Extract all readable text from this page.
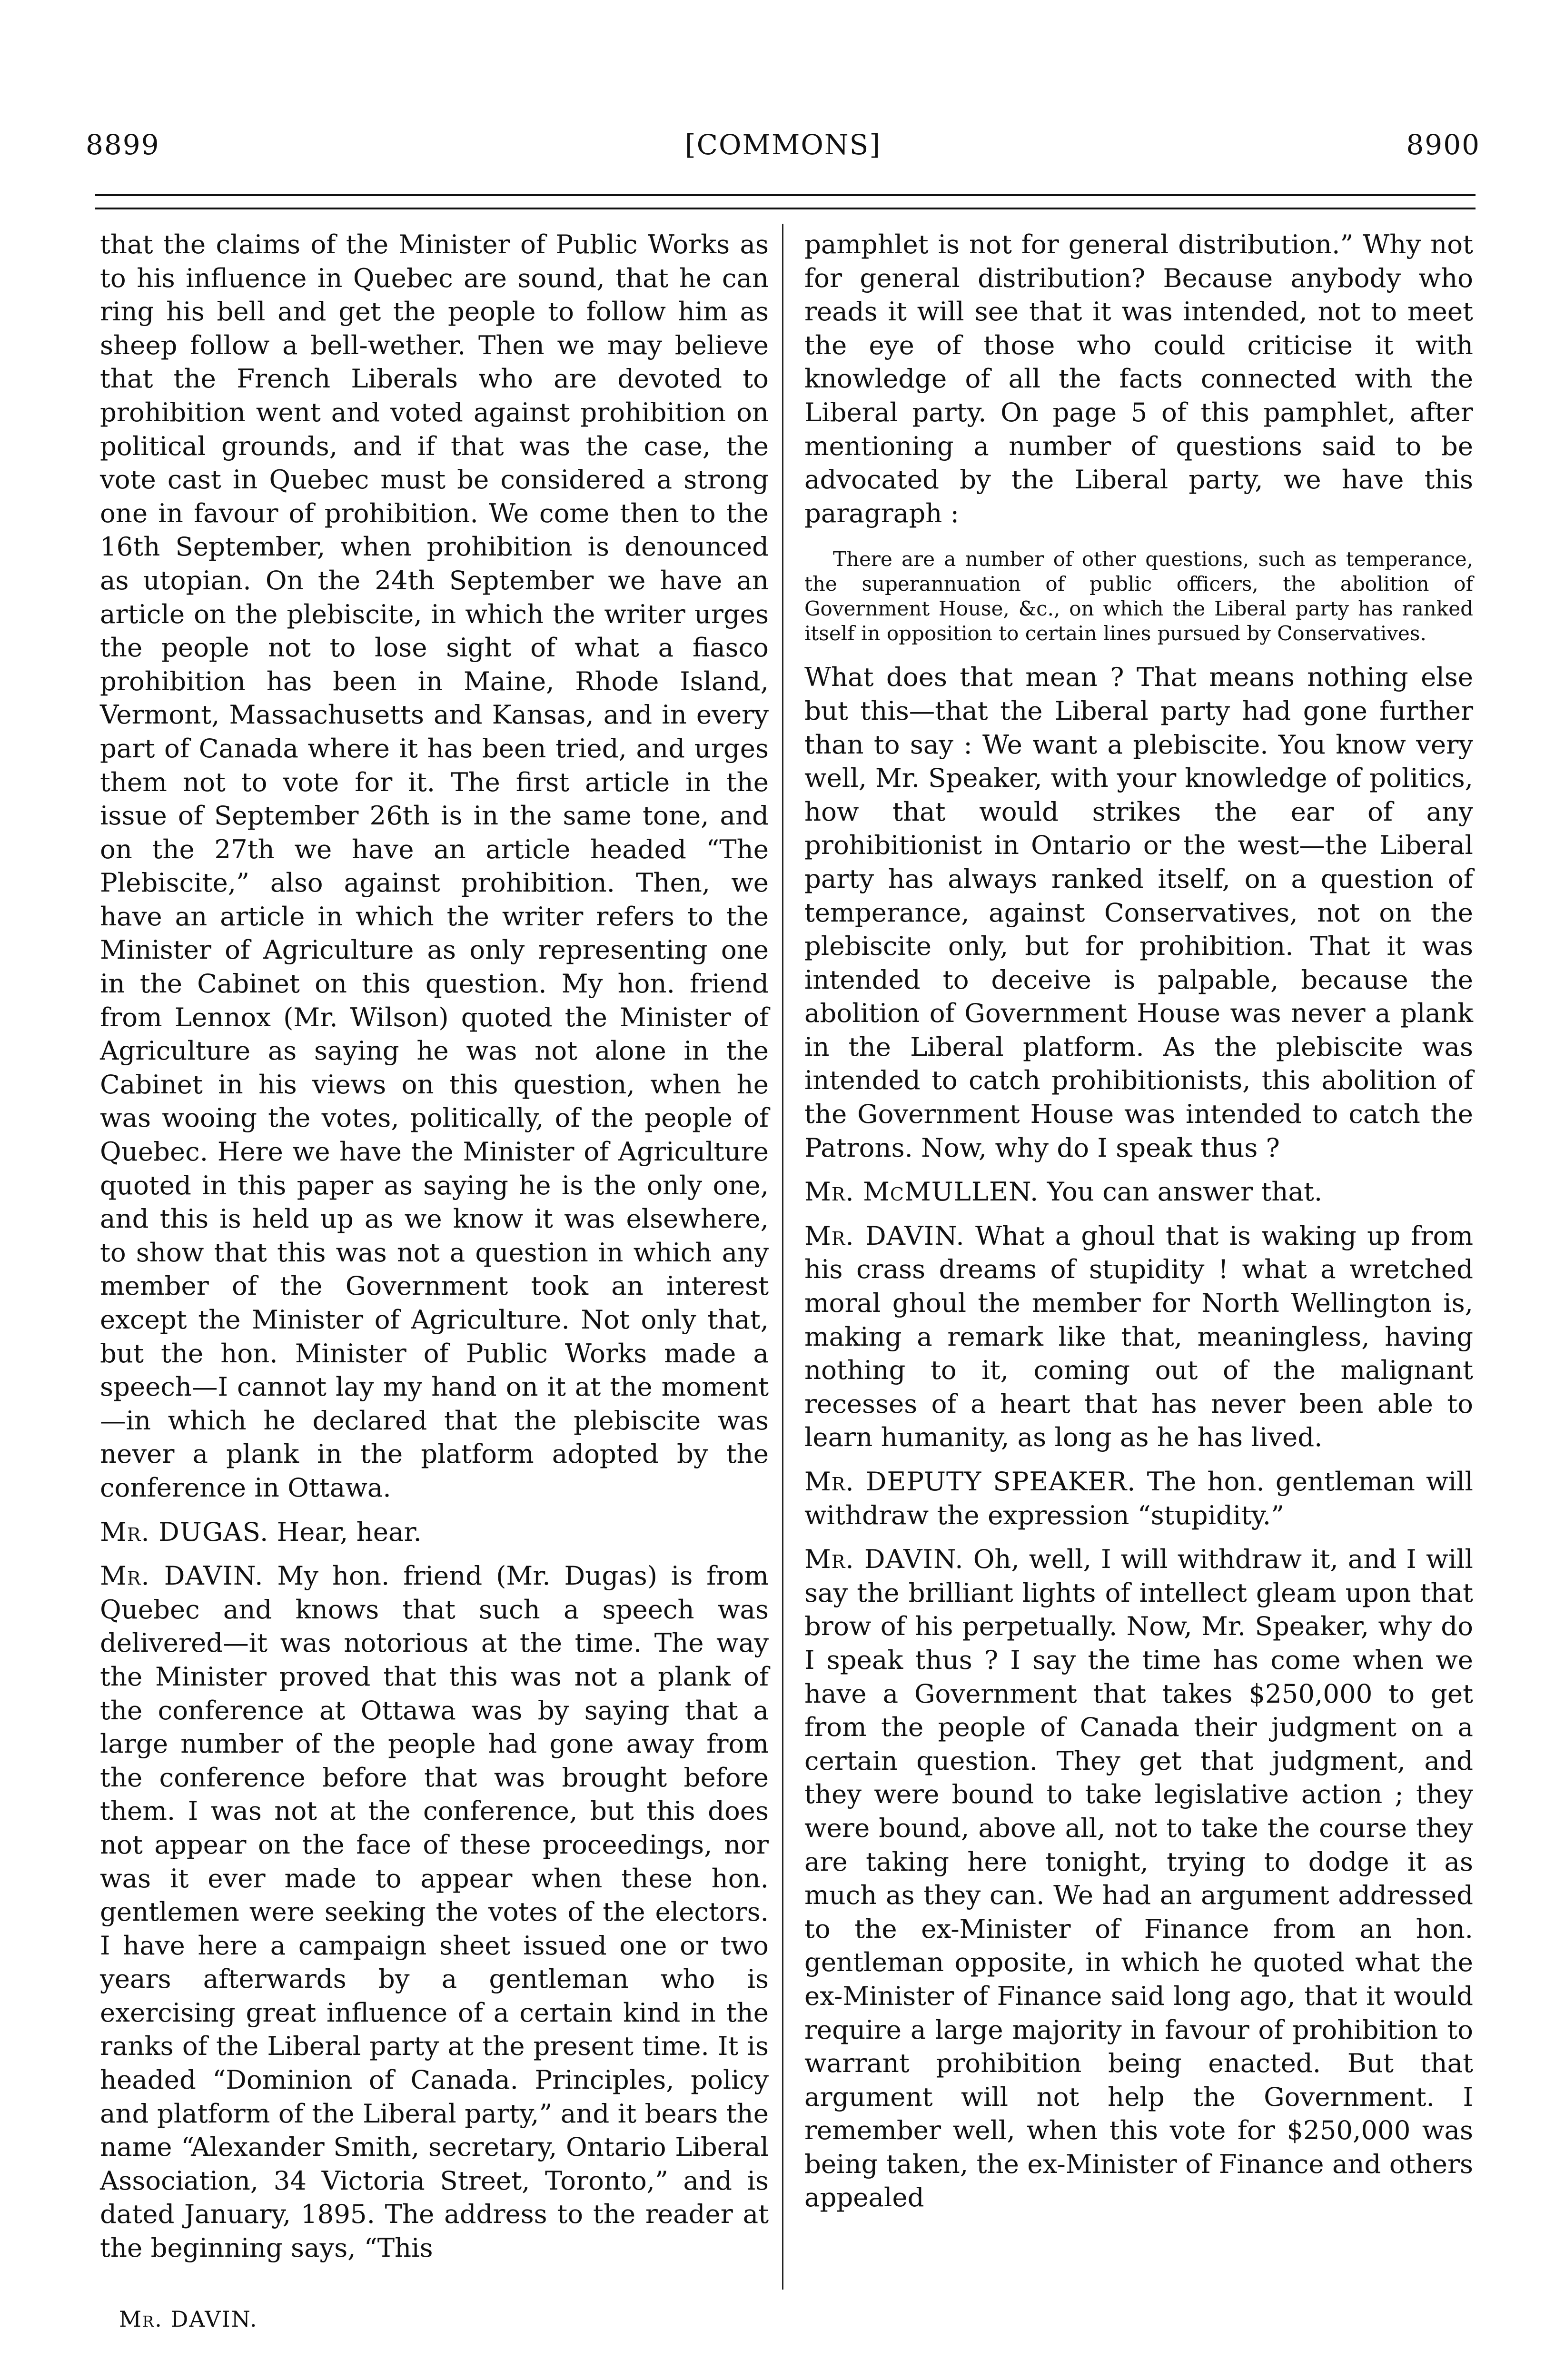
8899	[COMMONS]	8900

that the claims of the Minister of Public Works as to his influence in Quebec are sound, that he can ring his bell and get the people to follow him as sheep follow a bell-wether. Then we may believe that the French Liberals who are devoted to prohibition went and voted against prohibition on political grounds, and if that was the case, the vote cast in Quebec must be considered a strong one in favour of prohibition. We come then to the 16th September, when prohibition is denounced as utopian. On the 24th September we have an article on the plebiscite, in which the writer urges the people not to lose sight of what a fiasco prohibition has been in Maine, Rhode Island, Vermont, Massachusetts and Kansas, and in every part of Canada where it has been tried, and urges them not to vote for it. The first article in the issue of September 26th is in the same tone, and on the 27th we have an article headed “The Plebiscite,” also against prohibition. Then, we have an article in which the writer refers to the Minister of Agriculture as only representing one in the Cabinet on this question. My hon. friend from Lennox (Mr. Wilson) quoted the Minister of Agriculture as saying he was not alone in the Cabinet in his views on this question, when he was wooing the votes, politically, of the people of Quebec. Here we have the Minister of Agriculture quoted in this paper as saying he is the only one, and this is held up as we know it was elsewhere, to show that this was not a question in which any member of the Government took an interest except the Minister of Agriculture. Not only that, but the hon. Minister of Public Works made a speech—I cannot lay my hand on it at the moment—in which he declared that the plebiscite was never a plank in the platform adopted by the conference in Ottawa.

Mr. DUGAS. Hear, hear.

Mr. DAVIN. My hon. friend (Mr. Dugas) is from Quebec and knows that such a speech was delivered—it was notorious at the time. The way the Minister proved that this was not a plank of the conference at Ottawa was by saying that a large number of the people had gone away from the conference before that was brought before them. I was not at the conference, but this does not appear on the face of these proceedings, nor was it ever made to appear when these hon. gentlemen were seeking the votes of the electors. I have here a campaign sheet issued one or two years afterwards by a gentleman who is exercising great influence of a certain kind in the ranks of the Liberal party at the present time. It is headed “Dominion of Canada. Principles, policy and platform of the Liberal party,” and it bears the name “Alexander Smith, secretary, Ontario Liberal Association, 34 Victoria Street, Toronto,” and is dated January, 1895. The address to the reader at the beginning says, “This

pamphlet is not for general distribution.” Why not for general distribution? Because anybody who reads it will see that it was intended, not to meet the eye of those who could criticise it with knowledge of all the facts connected with the Liberal party. On page 5 of this pamphlet, after mentioning a number of questions said to be advocated by the Liberal party, we have this paragraph :

There are a number of other questions, such as temperance, the superannuation of public officers, the abolition of Government House, &c., on which the Liberal party has ranked itself in opposition to certain lines pursued by Conservatives.

What does that mean ? That means nothing else but this—that the Liberal party had gone further than to say : We want a plebiscite. You know very well, Mr. Speaker, with your knowledge of politics, how that would strikes the ear of any prohibitionist in Ontario or the west—the Liberal party has always ranked itself, on a question of temperance, against Conservatives, not on the plebiscite only, but for prohibition. That it was intended to deceive is palpable, because the abolition of Government House was never a plank in the Liberal platform. As the plebiscite was intended to catch prohibitionists, this abolition of the Government House was intended to catch the Patrons. Now, why do I speak thus ?

Mr. McMULLEN. You can answer that.

Mr. DAVIN. What a ghoul that is waking up from his crass dreams of stupidity ! what a wretched moral ghoul the member for North Wellington is, making a remark like that, meaningless, having nothing to it, coming out of the malignant recesses of a heart that has never been able to learn humanity, as long as he has lived.

Mr. DEPUTY SPEAKER. The hon. gentleman will withdraw the expression “stupidity.”

Mr. DAVIN. Oh, well, I will withdraw it, and I will say the brilliant lights of intellect gleam upon that brow of his perpetually. Now, Mr. Speaker, why do I speak thus ? I say the time has come when we have a Government that takes $250,000 to get from the people of Canada their judgment on a certain question. They get that judgment, and they were bound to take legislative action ; they were bound, above all, not to take the course they are taking here tonight, trying to dodge it as much as they can. We had an argument addressed to the ex-Minister of Finance from an hon. gentleman opposite, in which he quoted what the ex-Minister of Finance said long ago, that it would require a large majority in favour of prohibition to warrant prohibition being enacted. But that argument will not help the Government. I remember well, when this vote for $250,000 was being taken, the ex-Minister of Finance and others appealed

Mr. DAVIN.
